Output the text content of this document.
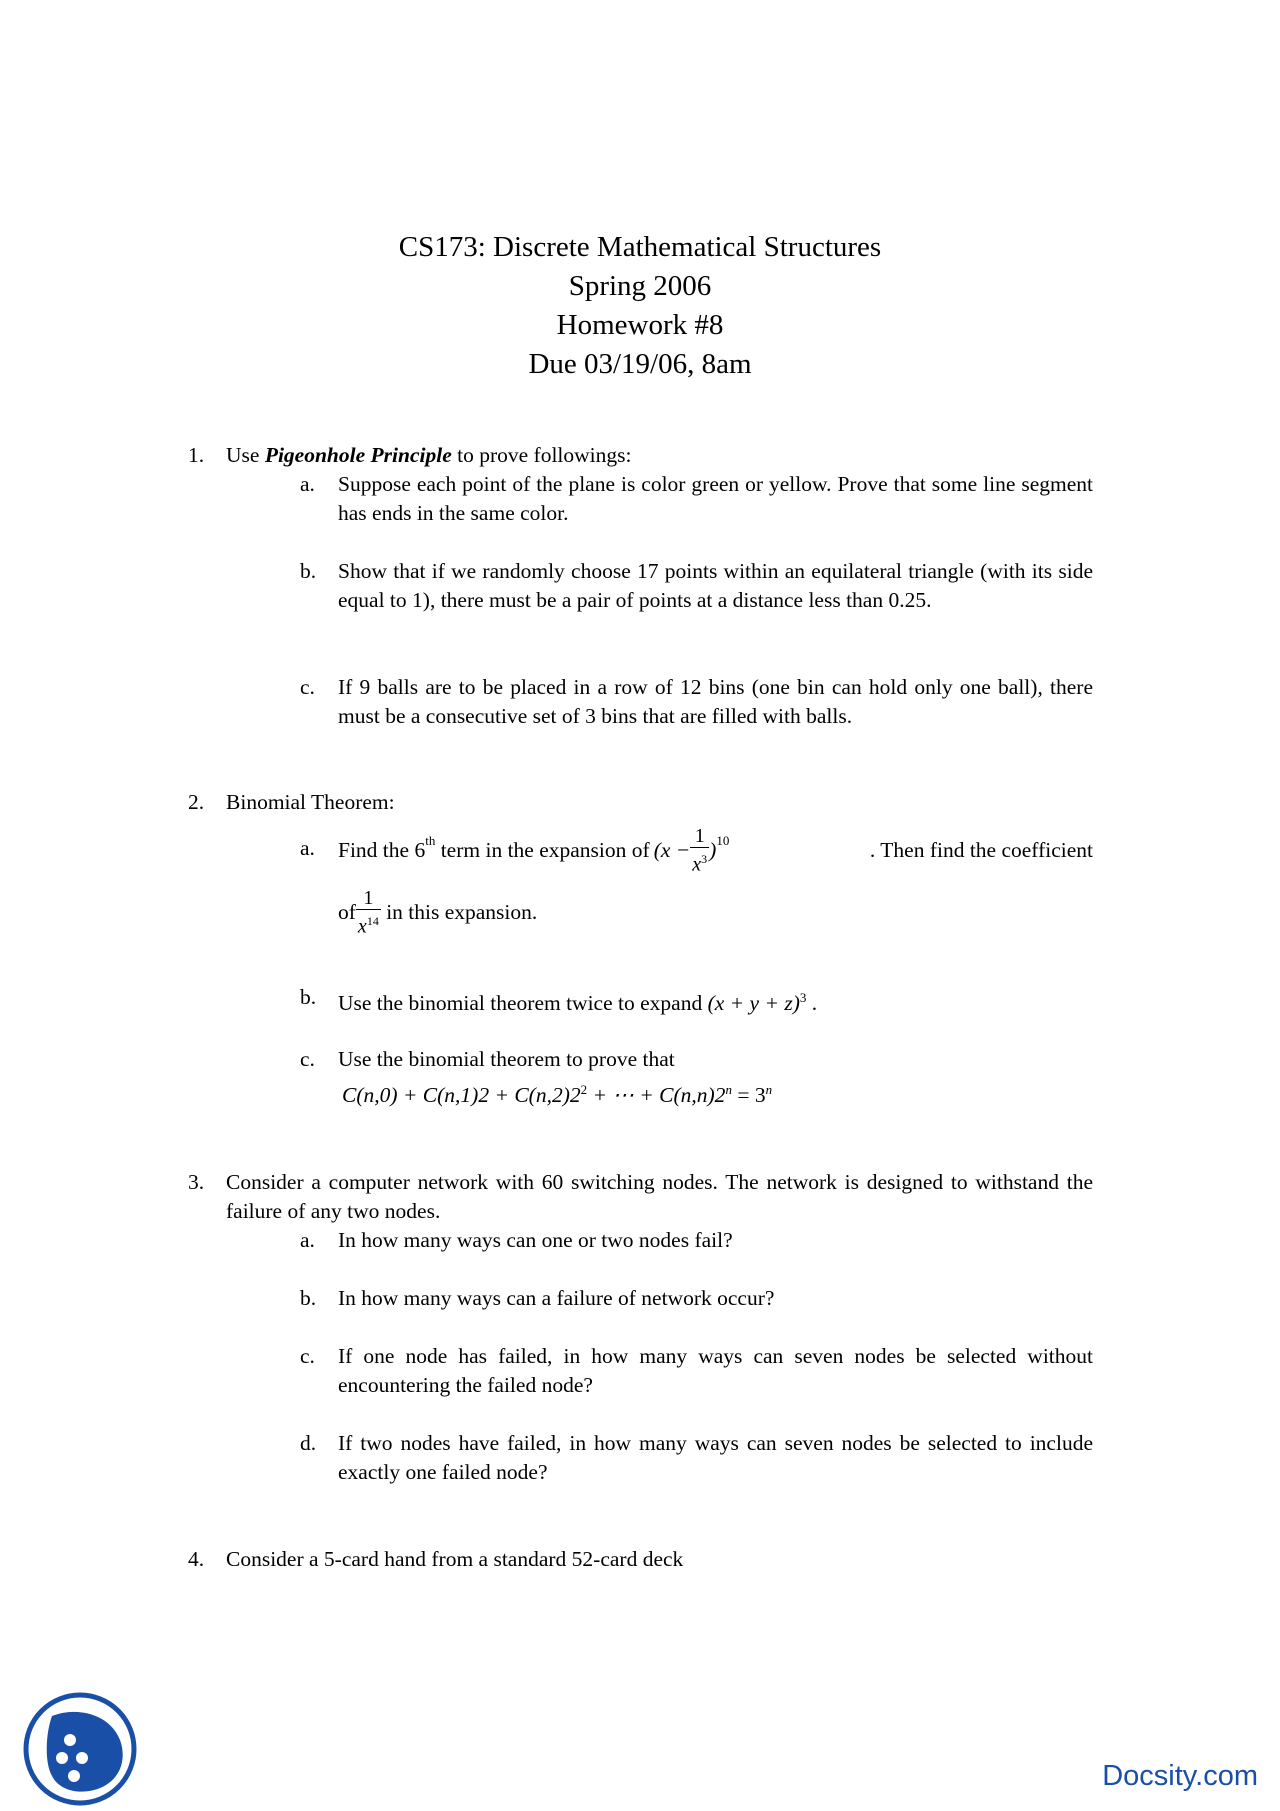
CS173: Discrete Mathematical Structures
Spring 2006
Homework #8
Due 03/19/06, 8am
1. Use Pigeonhole Principle to prove followings:
a. Suppose each point of the plane is color green or yellow. Prove that some line segment has ends in the same color.
b. Show that if we randomly choose 17 points within an equilateral triangle (with its side equal to 1), there must be a pair of points at a distance less than 0.25.
c. If 9 balls are to be placed in a row of 12 bins (one bin can hold only one ball), there must be a consecutive set of 3 bins that are filled with balls.
2. Binomial Theorem:
a. Find the 6th term in the expansion of $(x - \frac{1}{x^3} )^{10}$	. Then find the coefficient
of $\frac{1}{x^{14}}$ in this expansion.
b. Use the binomial theorem twice to expand $(x + y + z)^3$ .
c. Use the binomial theorem to prove that
$C(n,0) + C(n,1)2 + C(n,2)2^2$ + ⋯ + $C(n,n)2^n = 3^n$
3. Consider a computer network with 60 switching nodes. The network is designed to withstand the failure of any two nodes.
a. In how many ways can one or two nodes fail?
b. In how many ways can a failure of network occur?
c. If one node has failed, in how many ways can seven nodes be selected without encountering the failed node?
d. If two nodes have failed, in how many ways can seven nodes be selected to include exactly one failed node?
4. Consider a 5-card hand from a standard 52-card deck
Docsity.com
